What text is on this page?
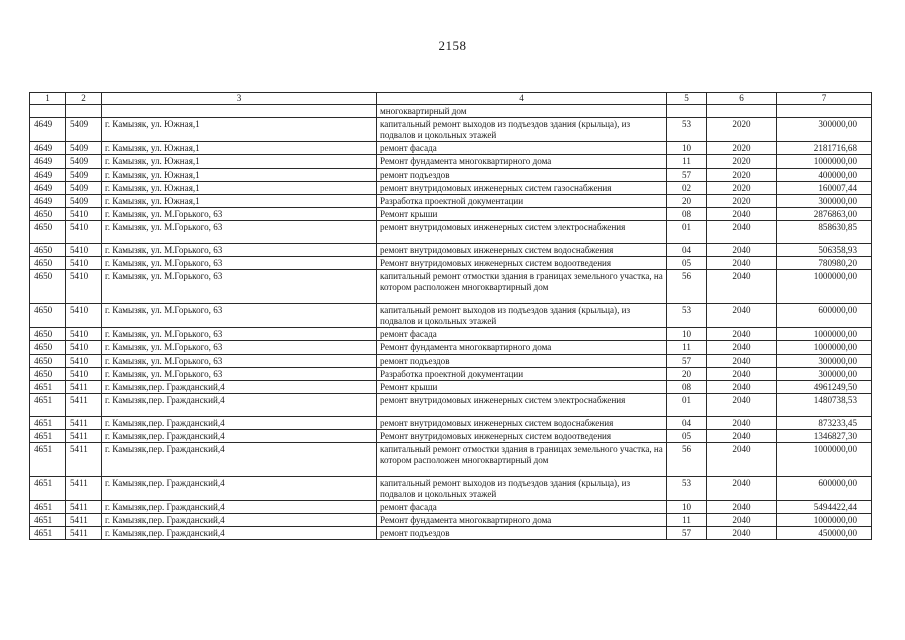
2158
1	2	3	4	5	6	7
			многоквартирный дом			
4649	5409	г. Камызяк, ул. Южная,1	капитальный ремонт выходов из подъездов здания (крыльца), из подвалов и цокольных этажей	53	2020	300000,00
4649	5409	г. Камызяк, ул. Южная,1	ремонт фасада	10	2020	2181716,68
4649	5409	г. Камызяк, ул. Южная,1	Ремонт фундамента многоквартирного дома	11	2020	1000000,00
4649	5409	г. Камызяк, ул. Южная,1	ремонт подъездов	57	2020	400000,00
4649	5409	г. Камызяк, ул. Южная,1	ремонт внутридомовых инженерных систем газоснабжения	02	2020	160007,44
4649	5409	г. Камызяк, ул. Южная,1	Разработка проектной документации	20	2020	300000,00
4650	5410	г. Камызяк, ул. М.Горького, 63	Ремонт крыши	08	2040	2876863,00
4650	5410	г. Камызяк, ул. М.Горького, 63	ремонт внутридомовых инженерных систем электроснабжения	01	2040	858630,85
4650	5410	г. Камызяк, ул. М.Горького, 63	ремонт внутридомовых инженерных систем водоснабжения	04	2040	506358,93
4650	5410	г. Камызяк, ул. М.Горького, 63	Ремонт внутридомовых инженерных систем водоотведения	05	2040	780980,20
4650	5410	г. Камызяк, ул. М.Горького, 63	капитальный ремонт отмостки здания в границах земельного участка, на котором расположен многоквартирный дом	56	2040	1000000,00
4650	5410	г. Камызяк, ул. М.Горького, 63	капитальный ремонт выходов из подъездов здания (крыльца), из подвалов и цокольных этажей	53	2040	600000,00
4650	5410	г. Камызяк, ул. М.Горького, 63	ремонт фасада	10	2040	1000000,00
4650	5410	г. Камызяк, ул. М.Горького, 63	Ремонт фундамента многоквартирного дома	11	2040	1000000,00
4650	5410	г. Камызяк, ул. М.Горького, 63	ремонт подъездов	57	2040	300000,00
4650	5410	г. Камызяк, ул. М.Горького, 63	Разработка проектной документации	20	2040	300000,00
4651	5411	г. Камызяк,пер. Гражданский,4	Ремонт крыши	08	2040	4961249,50
4651	5411	г. Камызяк,пер. Гражданский,4	ремонт внутридомовых инженерных систем электроснабжения	01	2040	1480738,53
4651	5411	г. Камызяк,пер. Гражданский,4	ремонт внутридомовых инженерных систем водоснабжения	04	2040	873233,45
4651	5411	г. Камызяк,пер. Гражданский,4	Ремонт внутридомовых инженерных систем водоотведения	05	2040	1346827,30
4651	5411	г. Камызяк,пер. Гражданский,4	капитальный ремонт отмостки здания в границах земельного участка, на котором расположен многоквартирный дом	56	2040	1000000,00
4651	5411	г. Камызяк,пер. Гражданский,4	капитальный ремонт выходов из подъездов здания (крыльца), из подвалов и цокольных этажей	53	2040	600000,00
4651	5411	г. Камызяк,пер. Гражданский,4	ремонт фасада	10	2040	5494422,44
4651	5411	г. Камызяк,пер. Гражданский,4	Ремонт фундамента многоквартирного дома	11	2040	1000000,00
4651	5411	г. Камызяк,пер. Гражданский,4	ремонт подъездов	57	2040	450000,00
